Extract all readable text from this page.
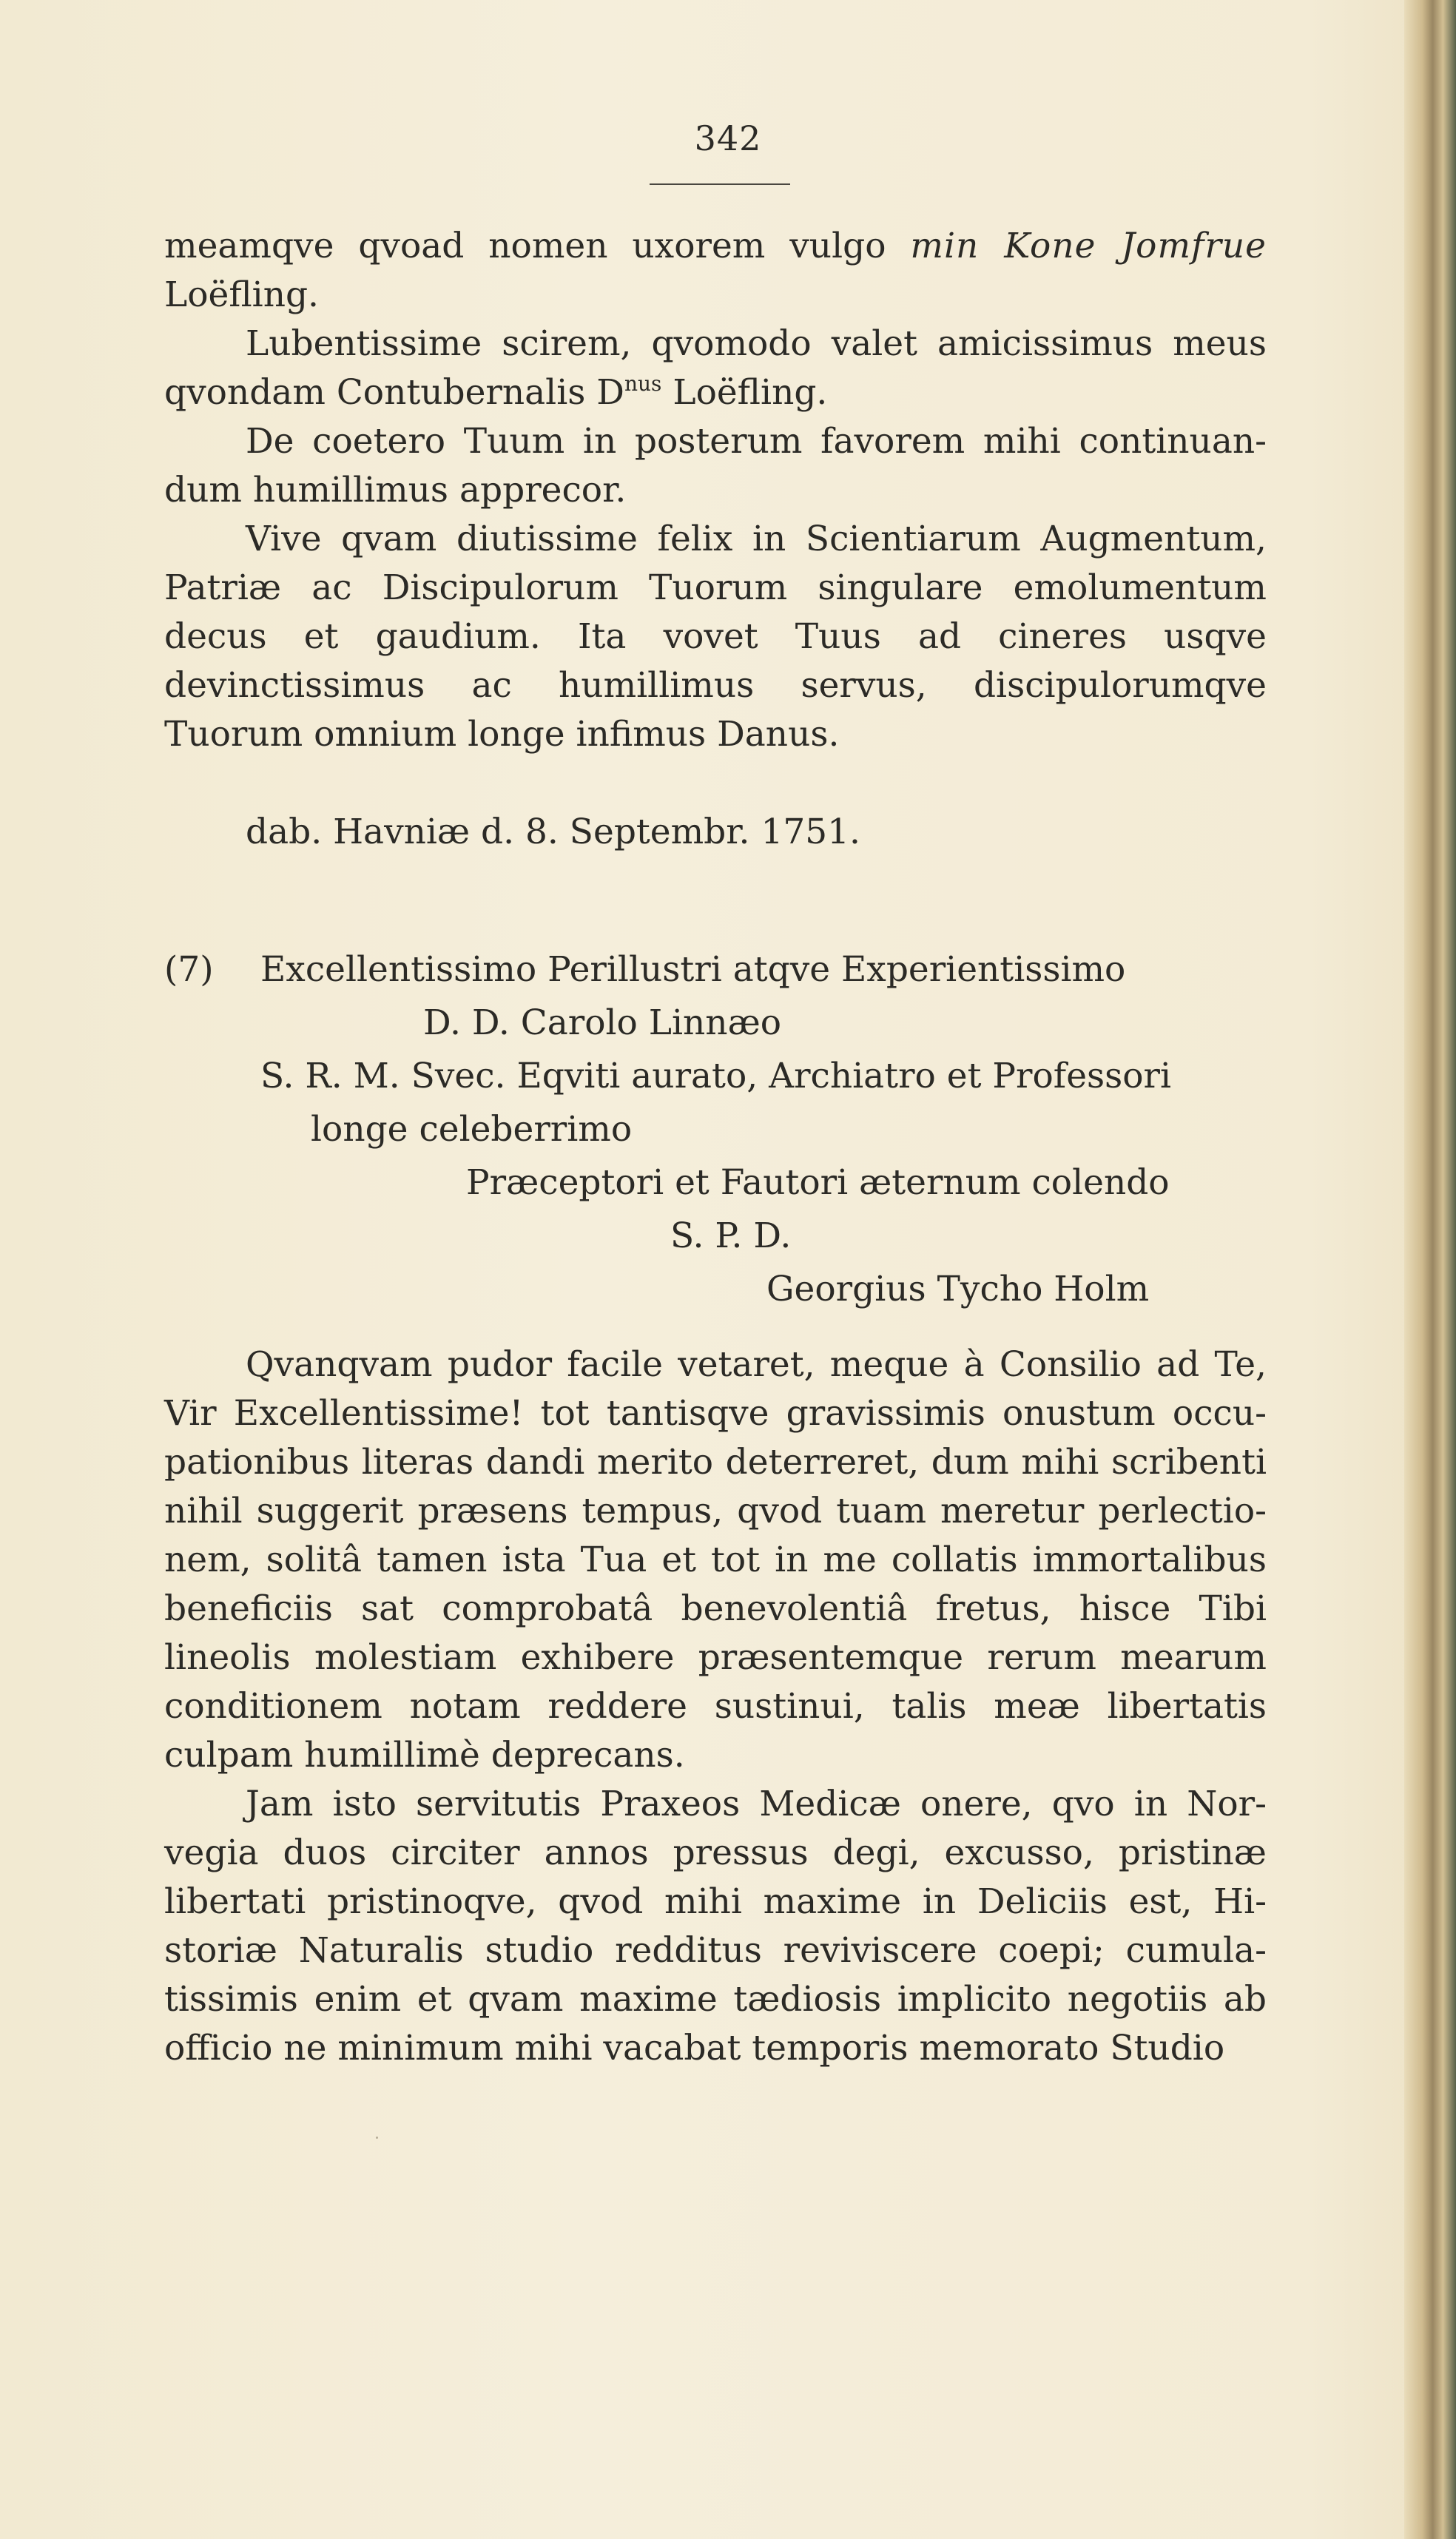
342

meamqve qvoad nomen uxorem vulgo min Kone Jomfrue

Loëfling.

Lubentissime scirem, qvomodo valet amicissimus meus qvondam Contubernalis $D^{nus}$ Loëfling.

De coetero Tuum in posterum favorem mihi continuan-dum humillimus apprecor.

Vive qvam diutissime felix in Scientiarum Augmentum, Patriæ ac Discipulorum Tuorum singulare emolumentum decus et gaudium. Ita vovet Tuus ad cineres usqve devinctissimus ac humillimus servus, discipulorumqve Tuorum omnium longe infimus Danus.

dab. Havniæ d. 8. Septembr. 1751.
(7) Excellentissimo Perillustri atqve Experientissimo
D. D. Carolo Linnæo
S. R. M. Svec. Eqviti aurato, Archiatro et Professori
longe celeberrimo
Præceptori et Fautori æternum colendo
S. P. D.
Georgius Tycho Holm

Qvanqvam pudor facile vetaret, meque à Consilio ad Te, Vir Excellentissime! tot tantisqve gravissimis onustum occu-pationibus literas dandi merito deterreret, dum mihi scribenti nihil suggerit præsens tempus, qvod tuam meretur perlectio-nem, solitâ tamen ista Tua et tot in me collatis immortalibus beneficiis sat comprobatâ benevolentiâ fretus, hisce Tibi lineolis molestiam exhibere præsentemque rerum mearum conditionem notam reddere sustinui, talis meæ libertatis culpam humillimè deprecans.

Jam isto servitutis Praxeos Medicæ onere, qvo in Nor-vegia duos circiter annos pressus degi, excusso, pristinæ libertati pristinoqve, qvod mihi maxime in Deliciis est, Hi-storiæ Naturalis studio redditus reviviscere coepi; cumula-tissimis enim et qvam maxime tædiosis implicito negotiis ab officio ne minimum mihi vacabat temporis memorato Studio
